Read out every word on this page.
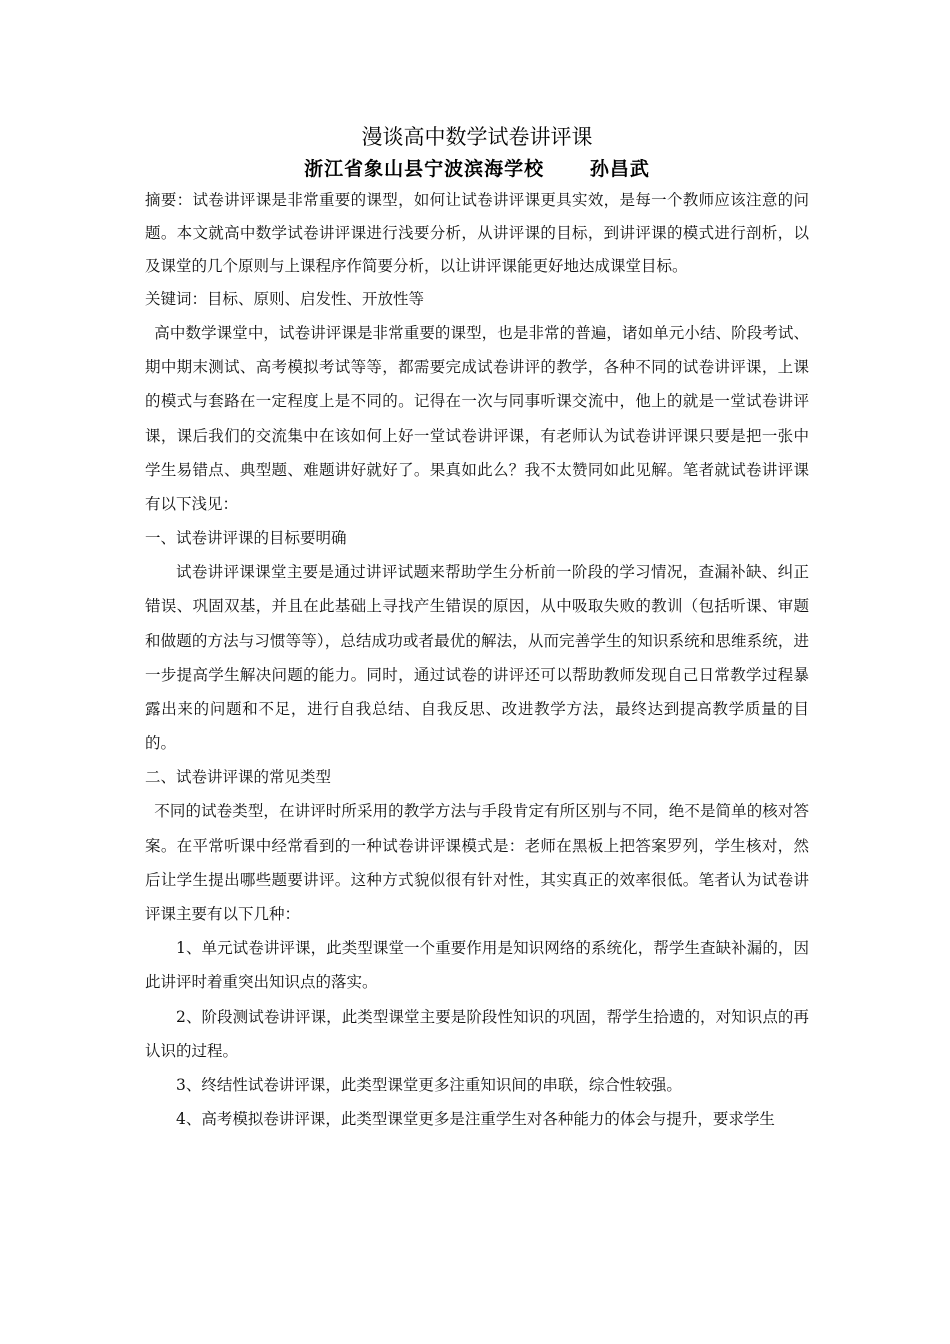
漫谈高中数学试卷讲评课
浙江省象山县宁波滨海学校      孙昌武

摘要：试卷讲评课是非常重要的课型，如何让试卷讲评课更具实效，是每一个教师应该注意的问题。本文就高中数学试卷讲评课进行浅要分析，从讲评课的目标，到讲评课的模式进行剖析，以及课堂的几个原则与上课程序作简要分析，以让讲评课能更好地达成课堂目标。

关键词：目标、原则、启发性、开放性等

高中数学课堂中，试卷讲评课是非常重要的课型，也是非常的普遍，诸如单元小结、阶段考试、期中期末测试、高考模拟考试等等，都需要完成试卷讲评的教学，各种不同的试卷讲评课，上课的模式与套路在一定程度上是不同的。记得在一次与同事听课交流中，他上的就是一堂试卷讲评课，课后我们的交流集中在该如何上好一堂试卷讲评课，有老师认为试卷讲评课只要是把一张中学生易错点、典型题、难题讲好就好了。果真如此么？我不太赞同如此见解。笔者就试卷讲评课有以下浅见：

一、试卷讲评课的目标要明确

试卷讲评课课堂主要是通过讲评试题来帮助学生分析前一阶段的学习情况，查漏补缺、纠正错误、巩固双基，并且在此基础上寻找产生错误的原因，从中吸取失败的教训（包括听课、审题和做题的方法与习惯等等），总结成功或者最优的解法，从而完善学生的知识系统和思维系统，进一步提高学生解决问题的能力。同时，通过试卷的讲评还可以帮助教师发现自己日常教学过程暴露出来的问题和不足，进行自我总结、自我反思、改进教学方法，最终达到提高教学质量的目的。

二、试卷讲评课的常见类型

不同的试卷类型，在讲评时所采用的教学方法与手段肯定有所区别与不同，绝不是简单的核对答案。在平常听课中经常看到的一种试卷讲评课模式是：老师在黑板上把答案罗列，学生核对，然后让学生提出哪些题要讲评。这种方式貌似很有针对性，其实真正的效率很低。笔者认为试卷讲评课主要有以下几种：

1、单元试卷讲评课，此类型课堂一个重要作用是知识网络的系统化，帮学生查缺补漏的，因此讲评时着重突出知识点的落实。

2、阶段测试卷讲评课，此类型课堂主要是阶段性知识的巩固，帮学生拾遗的，对知识点的再认识的过程。

3、终结性试卷讲评课，此类型课堂更多注重知识间的串联，综合性较强。

4、高考模拟卷讲评课，此类型课堂更多是注重学生对各种能力的体会与提升，要求学生
